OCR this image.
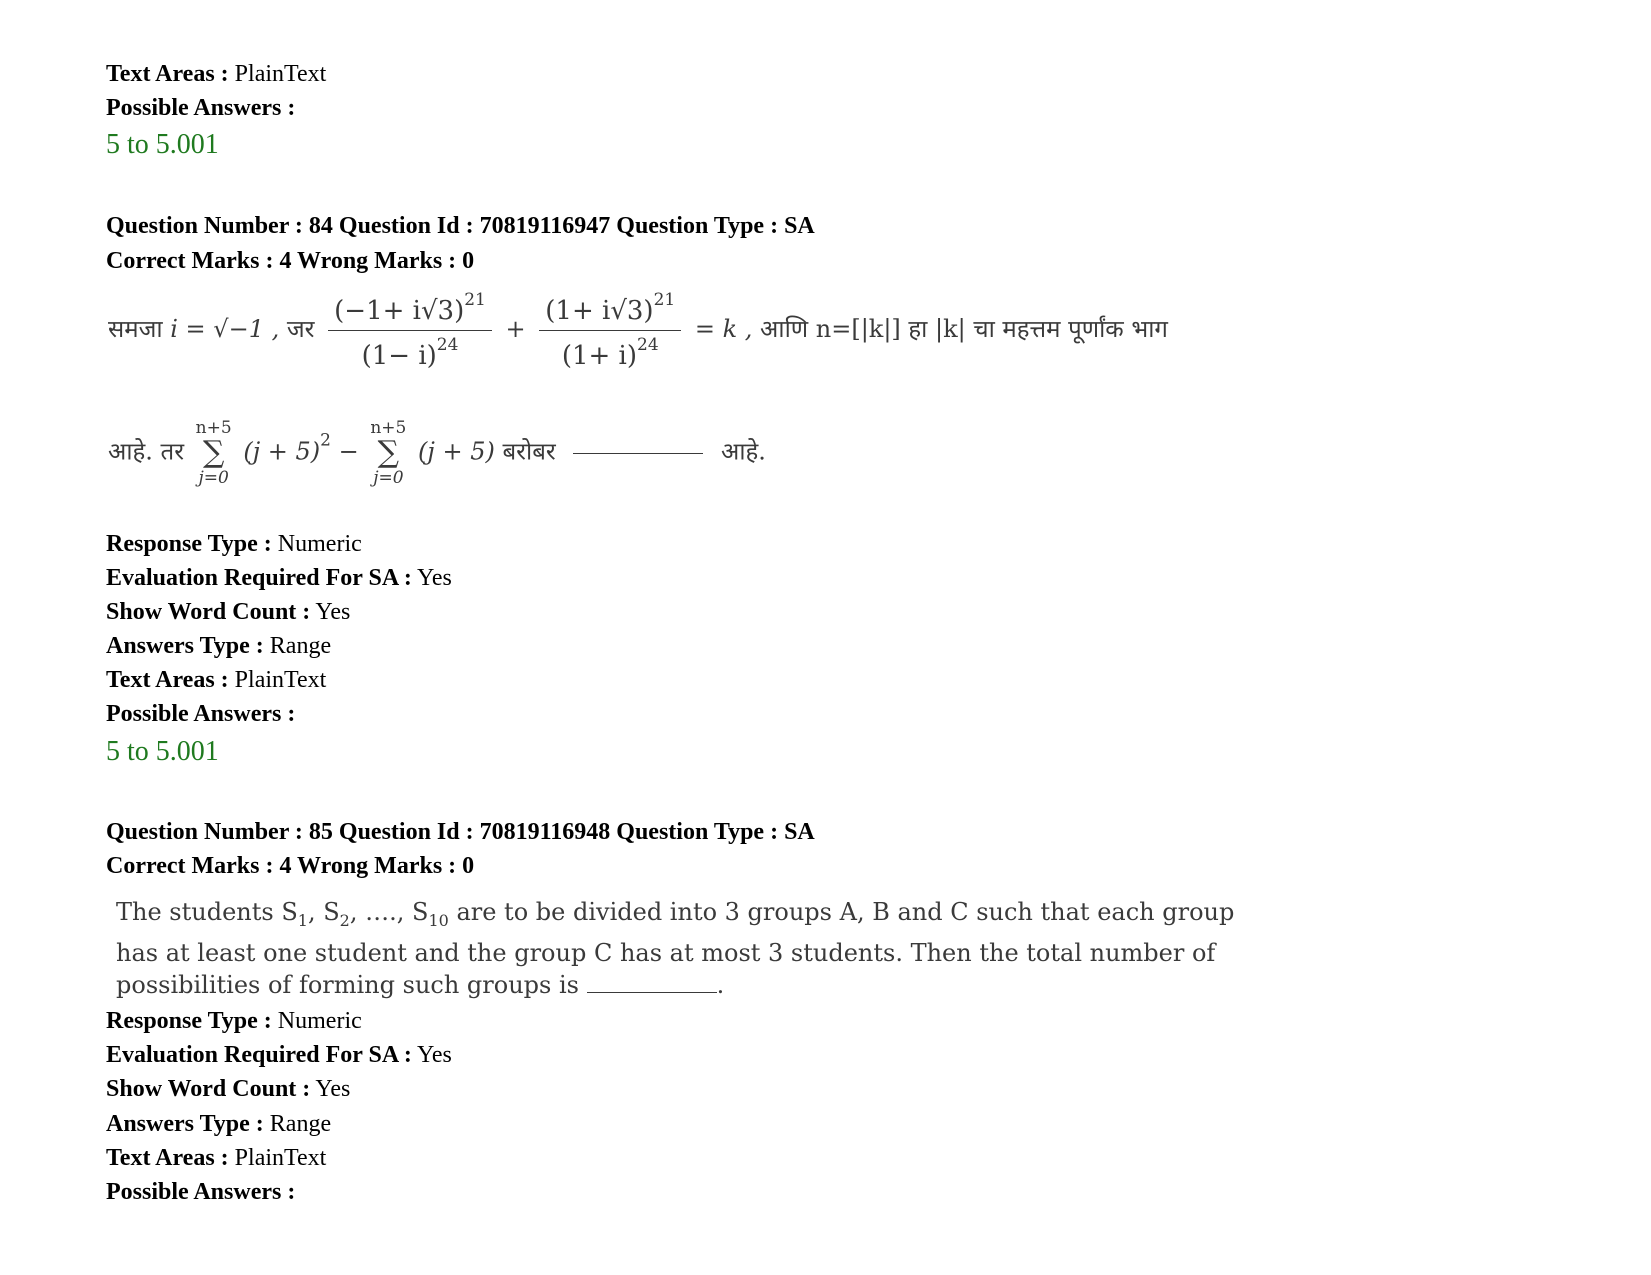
Text Areas : PlainText
Possible Answers :
5 to 5.001
Question Number : 84 Question Id : 70819116947 Question Type : SA
Correct Marks : 4 Wrong Marks : 0
समजा i = √−1 , जर $\frac{(-1+ i√3)^{21}}{(1- i)^{24}} + \frac{(1+ i√3)^{21}}{(1+ i)^{24}} = k$ , आणि n=[|k|] हा |k| चा महत्तम पूर्णांक भाग
आहे. तर
n+5
∑
j=0
$(j + 5)^2$ −
n+5
∑
j=0
(j + 5) बरोबर	आहे.
Response Type : Numeric
Evaluation Required For SA : Yes
Show Word Count : Yes
Answers Type : Range
Text Areas : PlainText
Possible Answers :
5 to 5.001
Question Number : 85 Question Id : 70819116948 Question Type : SA
Correct Marks : 4 Wrong Marks : 0
The students $S_1$, $S_2$, …., $S_{10}$ are to be divided into 3 groups A, B and C such that each group
has at least one student and the group C has at most 3 students. Then the total number of
possibilities of forming such groups is	.
Response Type : Numeric
Evaluation Required For SA : Yes
Show Word Count : Yes
Answers Type : Range
Text Areas : PlainText
Possible Answers :
